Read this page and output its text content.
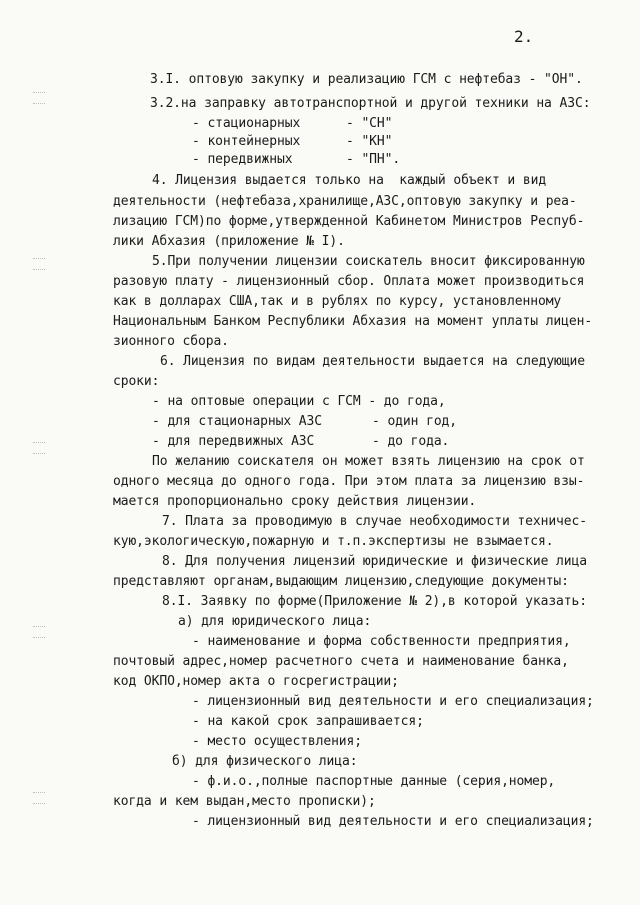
2.
3.I. оптовую закупку и реализацию ГСМ с нефтебаз - "ОН".
3.2.на заправку автотранспортной и другой техники на АЗС:
- стационарных	- "СН"
- контейнерных	- "КН"
- передвижных	- "ПН".
4. Лицензия выдается только на  каждый объект и вид
деятельности (нефтебаза,хранилище,АЗС,оптовую закупку и реа-
лизацию ГСМ)по форме,утвержденной Кабинетом Министров Респуб-
лики Абхазия (приложение № I).
5.При получении лицензии соискатель вносит фиксированную
разовую плату - лицензионный сбор. Оплата может производиться
как в долларах США,так и в рублях по курсу, установленному
Национальным Банком Республики Абхазия на момент уплаты лицен-
зионного сбора.
6. Лицензия по видам деятельности выдается на следующие
сроки:
- на оптовые операции с ГСМ - до года,
- для стационарных АЗС	- один год,
- для передвижных АЗС	- до года.
По желанию соискателя он может взять лицензию на срок от
одного месяца до одного года. При этом плата за лицензию взы-
мается пропорционально сроку действия лицензии.
7. Плата за проводимую в случае необходимости техничес-
кую,экологическую,пожарную и т.п.экспертизы не взымается.
8. Для получения лицензий юридические и физические лица
представляют органам,выдающим лицензию,следующие документы:
8.I. Заявку по форме(Приложение № 2),в которой указать:
а) для юридического лица:
- наименование и форма собственности предприятия,
почтовый адрес,номер расчетного счета и наименование банка,
код ОКПО,номер акта о госрегистрации;
- лицензионный вид деятельности и его специализация;
- на какой срок запрашивается;
- место осуществления;
б) для физического лица:
- ф.и.о.,полные паспортные данные (серия,номер,
когда и кем выдан,место прописки);
- лицензионный вид деятельности и его специализация;
